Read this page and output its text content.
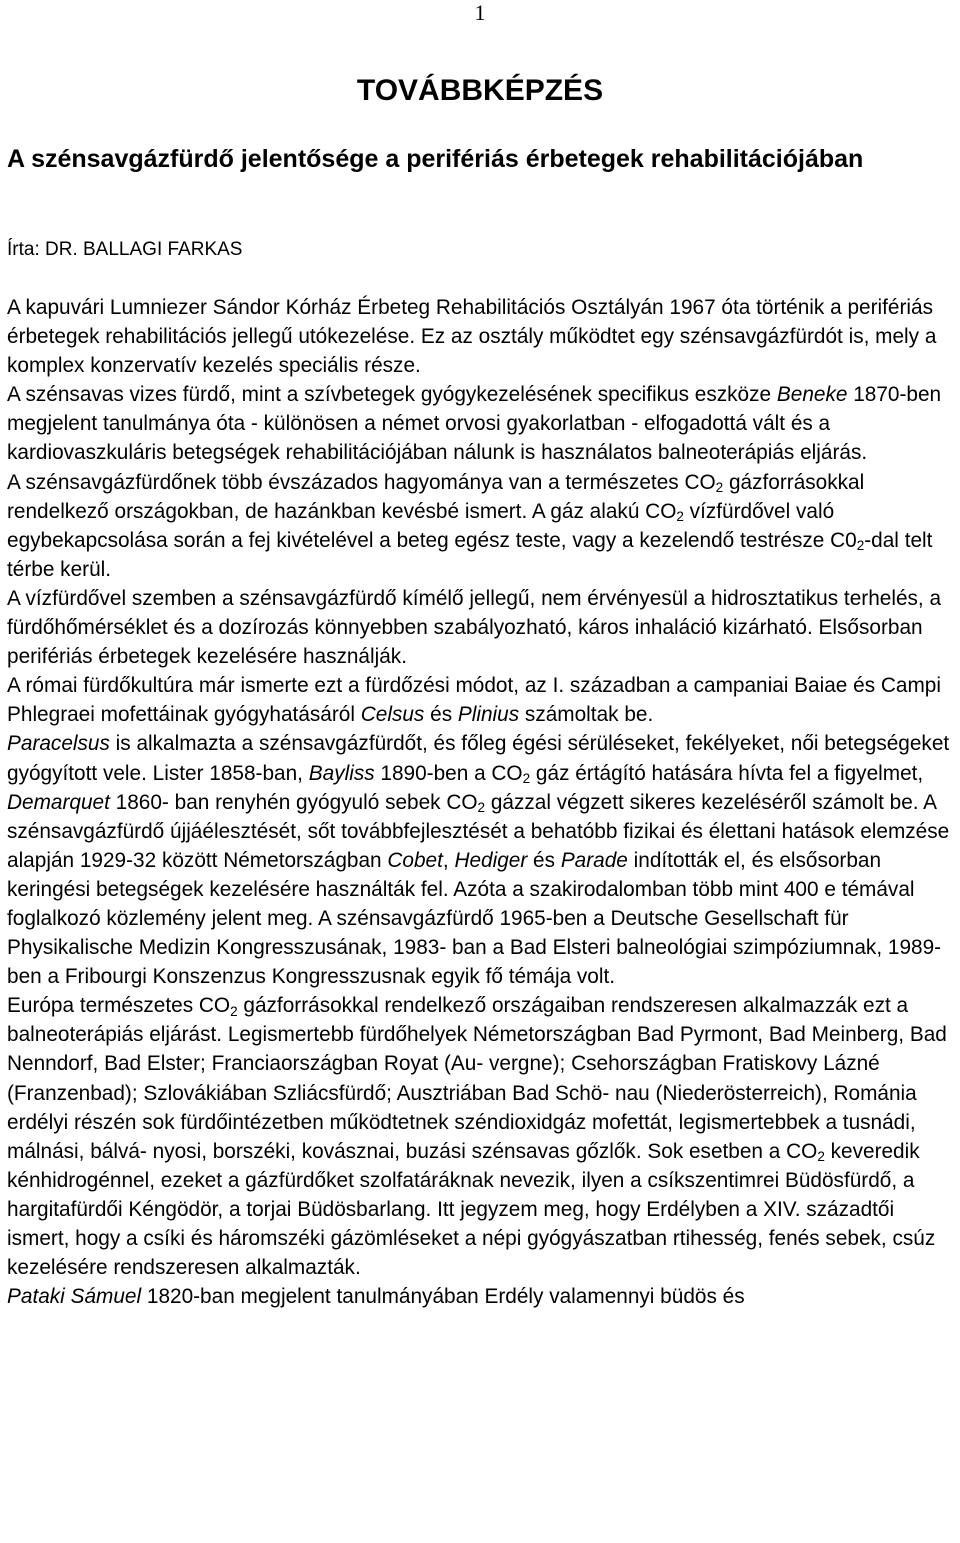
1
TOVÁBBKÉPZÉS
A szénsavgázfürdő jelentősége a perifériás érbetegek rehabilitációjában
Írta: DR. BALLAGI FARKAS

A kapuvári Lumniezer Sándor Kórház Érbeteg Rehabilitációs Osztályán 1967 óta történik a perifériás érbetegek rehabilitációs jellegű utókezelése. Ez az osztály működtet egy szénsavgázfürdót is, mely a komplex konzervatív kezelés speciális része.

A szénsavas vizes fürdő, mint a szívbetegek gyógykezelésének specifikus eszköze Beneke 1870-ben megjelent tanulmánya óta - különösen a német orvosi gyakorlatban - elfogadottá vált és a kardiovaszkuláris betegségek rehabilitációjában nálunk is használatos balneoterápiás eljárás.

A szénsavgázfürdőnek több évszázados hagyománya van a természetes $CO_2$ gázforrásokkal rendelkező országokban, de hazánkban kevésbé ismert. A gáz alakú $CO_2$ vízfürdővel való egybekapcsolása során a fej kivételével a beteg egész teste, vagy a kezelendő testrésze $C0_2$-dal telt térbe kerül.

A vízfürdővel szemben a szénsavgázfürdő kímélő jellegű, nem érvényesül a hidrosztatikus terhelés, a fürdőhőmérséklet és a dozírozás könnyebben szabályozható, káros inhaláció kizárható. Elsősorban perifériás érbetegek kezelésére használják.

A római fürdőkultúra már ismerte ezt a fürdőzési módot, az I. században a campaniai Baiae és Campi Phlegraei mofettáinak gyógyhatásáról Celsus és Plinius számoltak be.

Paracelsus is alkalmazta a szénsavgázfürdőt, és főleg égési sérüléseket, fekélyeket, női betegségeket gyógyított vele. Lister 1858-ban, Bayliss 1890-ben a $CO_2$ gáz értágító hatására hívta fel a figyelmet, Demarquet 1860- ban renyhén gyógyuló sebek $CO_2$ gázzal végzett sikeres kezeléséről számolt be. A szénsavgázfürdő újjáélesztését, sőt továbbfejlesztését a behatóbb fizikai és élettani hatások elemzése alapján 1929-32 között Németországban Cobet, Hediger és Parade indították el, és elsősorban keringési betegségek kezelésére használták fel. Azóta a szakirodalomban több mint 400 e témával foglalkozó közlemény jelent meg. A szénsavgázfürdő 1965-ben a Deutsche Gesellschaft für Physikalische Medizin Kongresszusának, 1983- ban a Bad Elsteri balneológiai szimpóziumnak, 1989-ben a Fribourgi Konszenzus Kongresszusnak egyik fő témája volt.

Európa természetes $CO_2$ gázforrásokkal rendelkező országaiban rendszeresen alkalmazzák ezt a balneoterápiás eljárást. Legismertebb fürdőhelyek Németországban Bad Pyrmont, Bad Meinberg, Bad Nenndorf, Bad Elster; Franciaországban Royat (Au- vergne); Csehországban Fratiskovy Lázné (Franzenbad); Szlovákiában Szliácsfürdő; Ausztriában Bad Schö- nau (Niederösterreich), Románia erdélyi részén sok fürdőintézetben működtetnek széndioxidgáz mofettát, legismertebbek a tusnádi, málnási, bálvá- nyosi, borszéki, kovásznai, buzási szénsavas gőzlők. Sok esetben a $CO_2$ keveredik kénhidrogénnel, ezeket a gázfürdőket szolfatáráknak nevezik, ilyen a csíkszentimrei Büdösfürdő, a hargitafürdői Kéngödör, a torjai Büdösbarlang. Itt jegyzem meg, hogy Erdélyben a XIV. századtői ismert, hogy a csíki és háromszéki gázömléseket a népi gyógyászatban rtihesség, fenés sebek, csúz kezelésére rendszeresen alkalmazták.

Pataki Sámuel 1820-ban megjelent tanulmányában Erdély valamennyi büdös és
